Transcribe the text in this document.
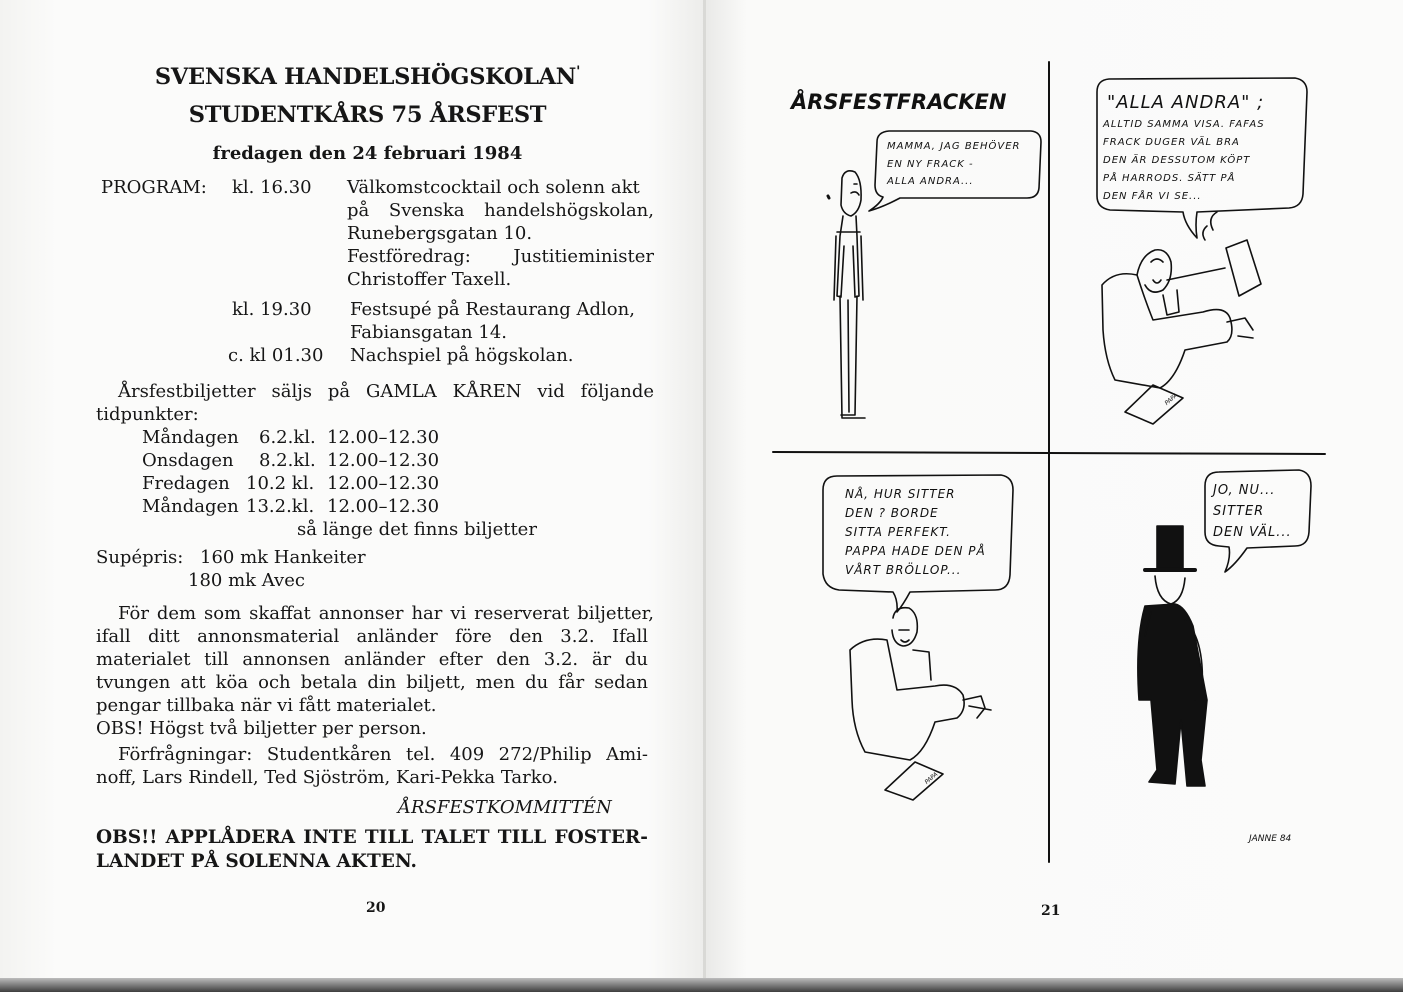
SVENSKA HANDELSHÖGSKOLAN'
STUDENTKÅRS 75 ÅRSFEST
fredagen den 24 februari 1984
PROGRAM: kl. 16.30 Välkomstcocktail och solenn akt
på Svenska handelshögskolan,
Runebergsgatan 10.
Festföredrag: Justitieminister
Christoffer Taxell.
kl. 19.30 Festsupé på Restaurang Adlon,
Fabiansgatan 14.
c. kl 01.30 Nachspiel på högskolan.
Årsfestbiljetter säljs på GAMLA KÅREN vid följande
tidpunkter:
Måndagen 6.2.kl. 12.00–12.30
Onsdagen 8.2.kl. 12.00–12.30
Fredagen 10.2 kl. 12.00–12.30
Måndagen 13.2.kl. 12.00–12.30
så länge det finns biljetter
Supépris: 160 mk Hankeiter
180 mk Avec
För dem som skaffat annonser har vi reserverat biljetter,
ifall ditt annonsmaterial anländer före den 3.2. Ifall
materialet till annonsen anländer efter den 3.2. är du
tvungen att köa och betala din biljett, men du får sedan
pengar tillbaka när vi fått materialet.
OBS! Högst två biljetter per person.
Förfrågningar: Studentkåren tel. 409 272/Philip Ami-
noff, Lars Rindell, Ted Sjöström, Kari-Pekka Tarko.
ÅRSFESTKOMMITTÉN
OBS!! APPLÅDERA INTE TILL TALET TILL FOSTER-
LANDET PÅ SOLENNA AKTEN.
20
ÅRSFESTFRACKEN
MAMMA, JAG BEHÖVER
EN NY FRACK -
ALLA ANDRA...
"ALLA ANDRA" ;
ALLTID SAMMA VISA. FAFAS
FRACK DUGER VÄL BRA
DEN ÄR DESSUTOM KÖPT
PÅ HARRODS. SÄTT PÅ
DEN FÅR VI SE...
NÅ, HUR SITTER
DEN ? BORDE
SITTA PERFEKT.
PAPPA HADE DEN PÅ
VÅRT BRÖLLOP...
JO, NU...
SITTER
DEN VÄL...
PAPA
PAPA
JANNE 84
21
